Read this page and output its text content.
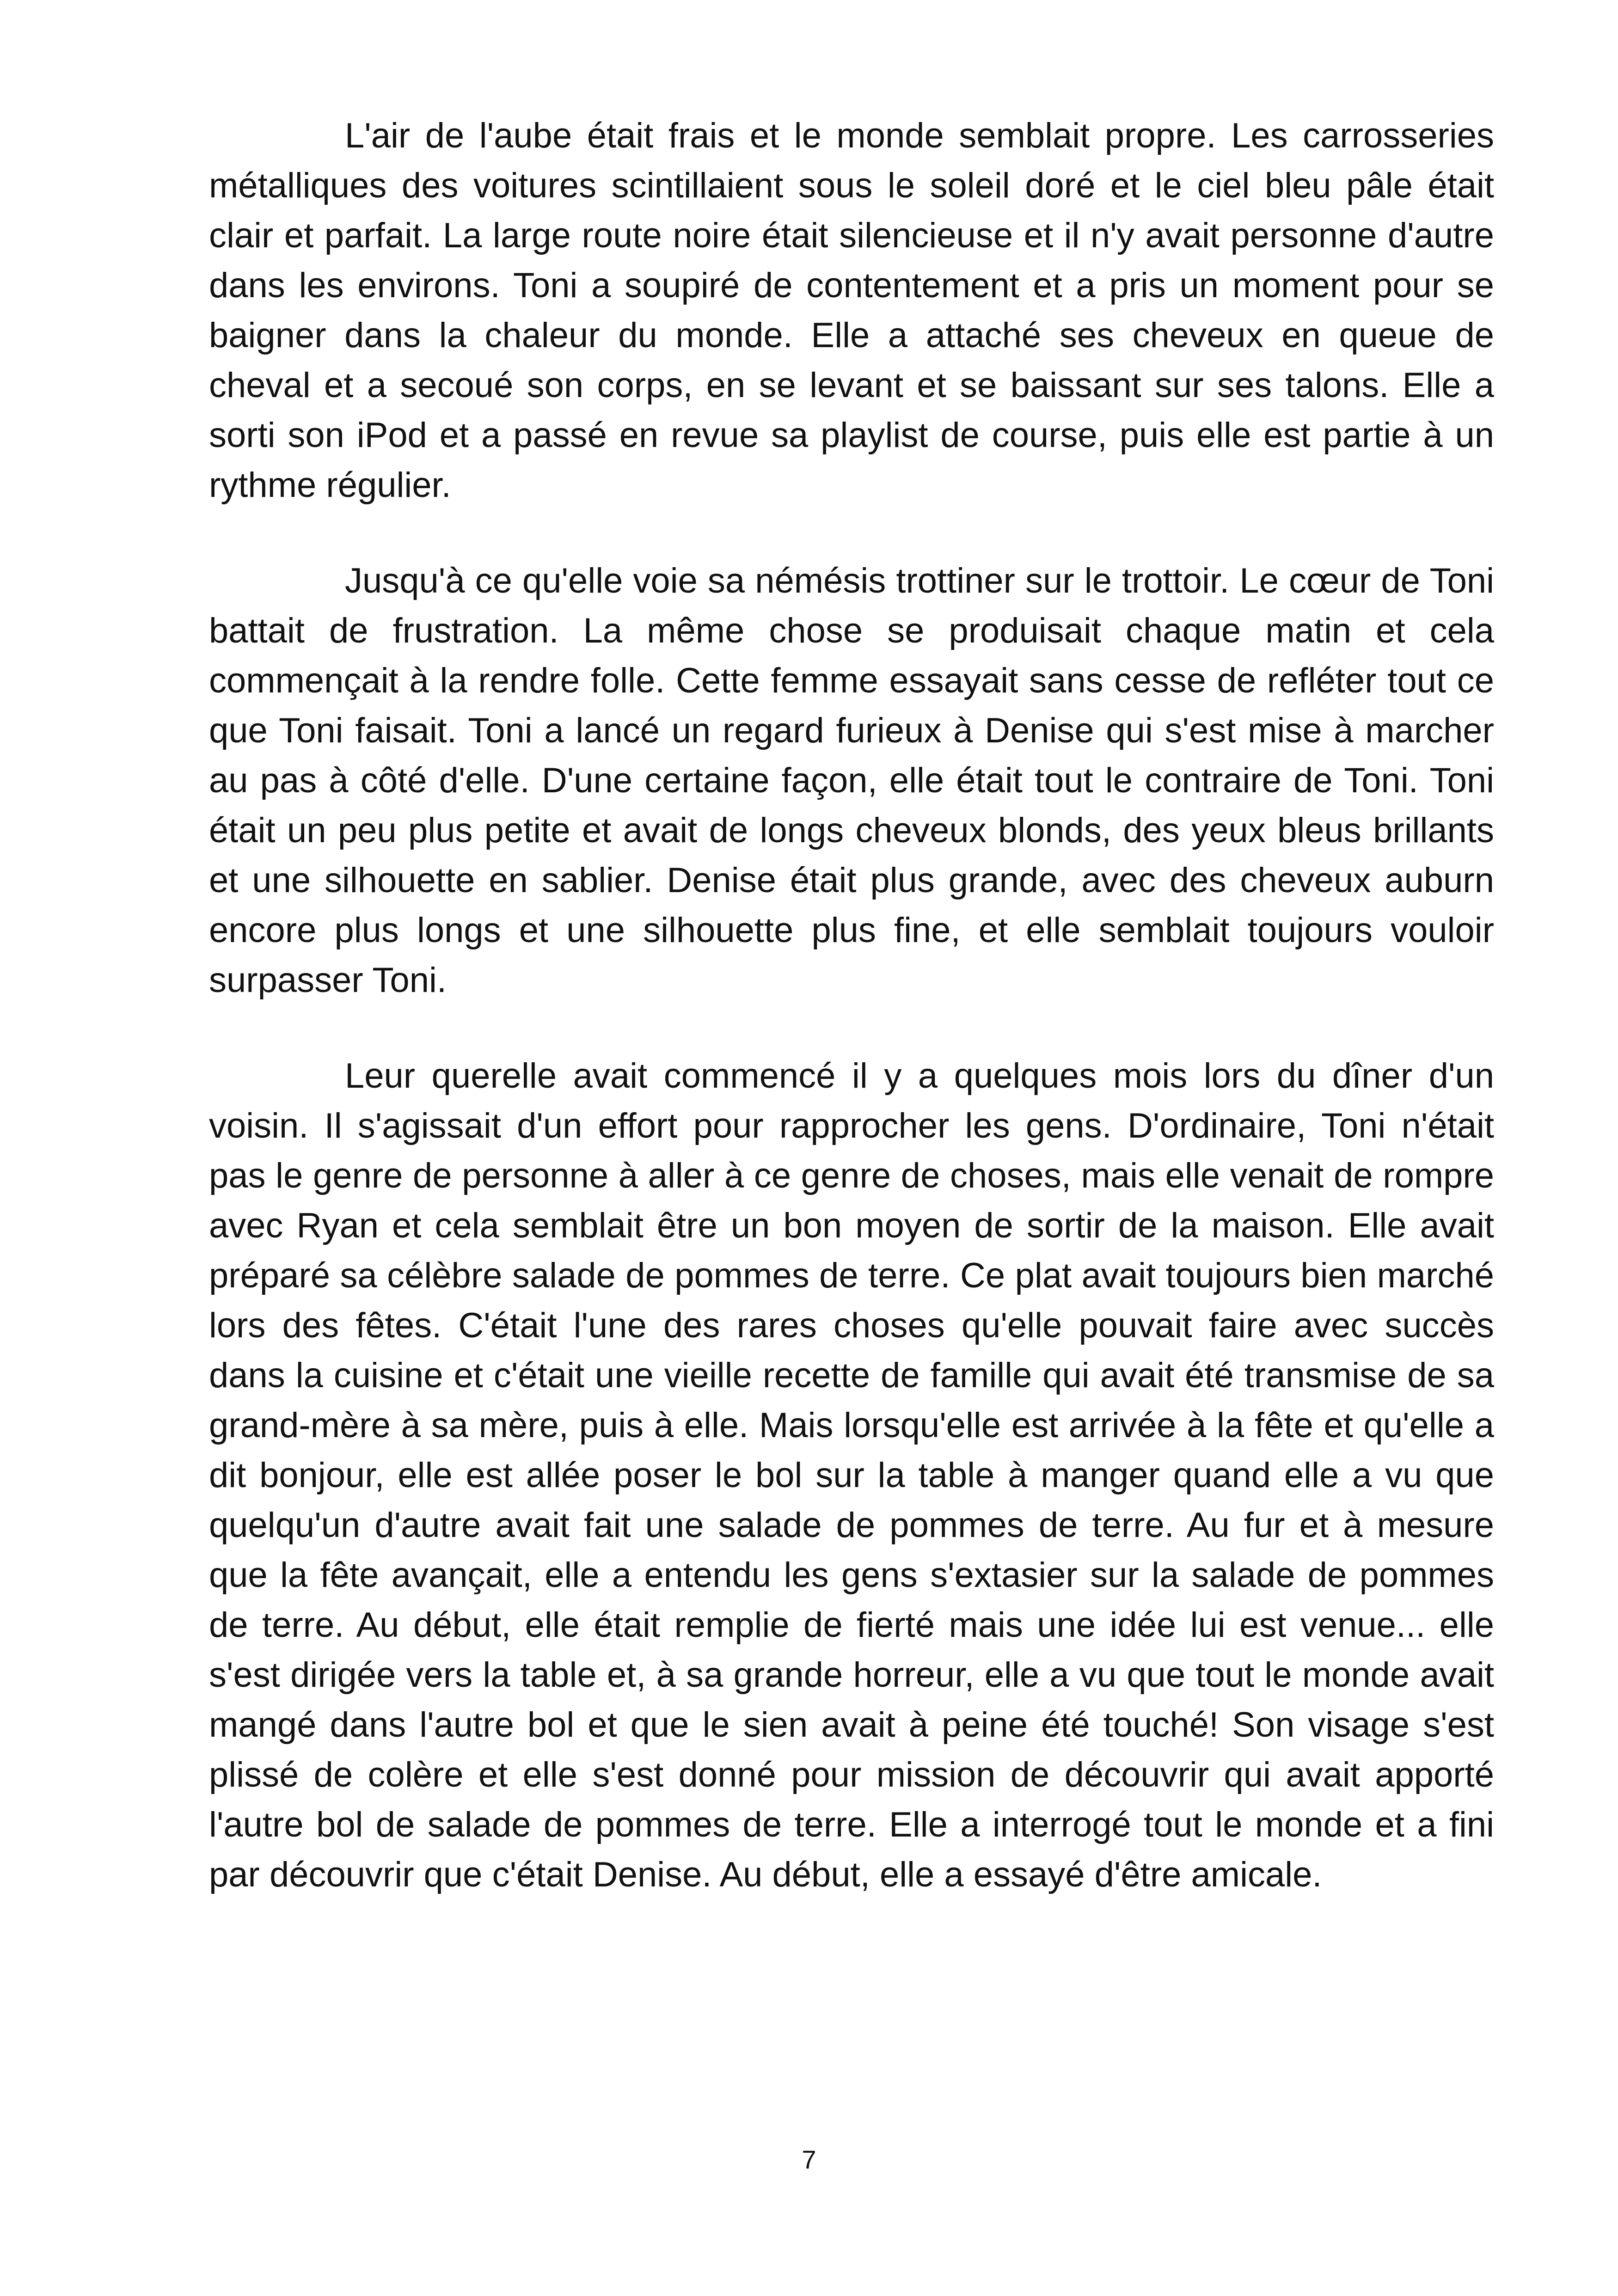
L'air de l'aube était frais et le monde semblait propre. Les carrosseries métalliques des voitures scintillaient sous le soleil doré et le ciel bleu pâle était clair et parfait. La large route noire était silencieuse et il n'y avait personne d'autre dans les environs. Toni a soupiré de contentement et a pris un moment pour se baigner dans la chaleur du monde. Elle a attaché ses cheveux en queue de cheval et a secoué son corps, en se levant et se baissant sur ses talons. Elle a sorti son iPod et a passé en revue sa playlist de course, puis elle est partie à un rythme régulier.

Jusqu'à ce qu'elle voie sa némésis trottiner sur le trottoir. Le cœur de Toni battait de frustration. La même chose se produisait chaque matin et cela commençait à la rendre folle. Cette femme essayait sans cesse de refléter tout ce que Toni faisait. Toni a lancé un regard furieux à Denise qui s'est mise à marcher au pas à côté d'elle. D'une certaine façon, elle était tout le contraire de Toni. Toni était un peu plus petite et avait de longs cheveux blonds, des yeux bleus brillants et une silhouette en sablier. Denise était plus grande, avec des cheveux auburn encore plus longs et une silhouette plus fine, et elle semblait toujours vouloir surpasser Toni.

Leur querelle avait commencé il y a quelques mois lors du dîner d'un voisin. Il s'agissait d'un effort pour rapprocher les gens. D'ordinaire, Toni n'était pas le genre de personne à aller à ce genre de choses, mais elle venait de rompre avec Ryan et cela semblait être un bon moyen de sortir de la maison. Elle avait préparé sa célèbre salade de pommes de terre. Ce plat avait toujours bien marché lors des fêtes. C'était l'une des rares choses qu'elle pouvait faire avec succès dans la cuisine et c'était une vieille recette de famille qui avait été transmise de sa grand-mère à sa mère, puis à elle. Mais lorsqu'elle est arrivée à la fête et qu'elle a dit bonjour, elle est allée poser le bol sur la table à manger quand elle a vu que quelqu'un d'autre avait fait une salade de pommes de terre. Au fur et à mesure que la fête avançait, elle a entendu les gens s'extasier sur la salade de pommes de terre. Au début, elle était remplie de fierté mais une idée lui est venue... elle s'est dirigée vers la table et, à sa grande horreur, elle a vu que tout le monde avait mangé dans l'autre bol et que le sien avait à peine été touché! Son visage s'est plissé de colère et elle s'est donné pour mission de découvrir qui avait apporté l'autre bol de salade de pommes de terre. Elle a interrogé tout le monde et a fini par découvrir que c'était Denise. Au début, elle a essayé d'être amicale.

7
